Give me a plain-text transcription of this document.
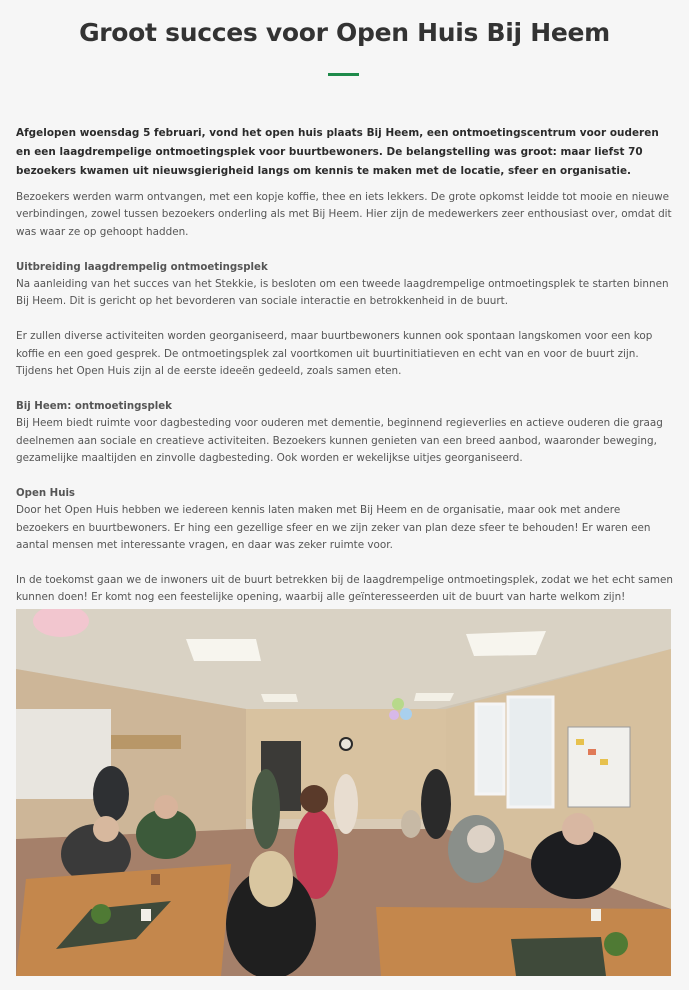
Groot succes voor Open Huis Bij Heem

Afgelopen woensdag 5 februari, vond het open huis plaats Bij Heem, een ontmoetingscentrum voor ouderen en een laagdrempelige ontmoetingsplek voor buurtbewoners. De belangstelling was groot: maar liefst 70 bezoekers kwamen uit nieuwsgierigheid langs om kennis te maken met de locatie, sfeer en organisatie.

Bezoekers werden warm ontvangen, met een kopje koffie, thee en iets lekkers. De grote opkomst leidde tot mooie en nieuwe verbindingen, zowel tussen bezoekers onderling als met Bij Heem. Hier zijn de medewerkers zeer enthousiast over, omdat dit was waar ze op gehoopt hadden.

Uitbreiding laagdrempelig ontmoetingsplek

Na aanleiding van het succes van het Stekkie, is besloten om een tweede laagdrempelige ontmoetingsplek te starten binnen Bij Heem. Dit is gericht op het bevorderen van sociale interactie en betrokkenheid in de buurt.

Er zullen diverse activiteiten worden georganiseerd, maar buurtbewoners kunnen ook spontaan langskomen voor een kop koffie en een goed gesprek. De ontmoetingsplek zal voortkomen uit buurtinitiatieven en echt van en voor de buurt zijn. Tijdens het Open Huis zijn al de eerste ideeën gedeeld, zoals samen eten.

Bij Heem: ontmoetingsplek

Bij Heem biedt ruimte voor dagbesteding voor ouderen met dementie, beginnend regieverlies en actieve ouderen die graag deelnemen aan sociale en creatieve activiteiten. Bezoekers kunnen genieten van een breed aanbod, waaronder beweging, gezamelijke maaltijden en zinvolle dagbesteding. Ook worden er wekelijkse uitjes georganiseerd.

Open Huis

Door het Open Huis hebben we iedereen kennis laten maken met Bij Heem en de organisatie, maar ook met andere bezoekers en buurtbewoners. Er hing een gezellige sfeer en we zijn zeker van plan deze sfeer te behouden! Er waren een aantal mensen met interessante vragen, en daar was zeker ruimte voor.

In de toekomst gaan we de inwoners uit de buurt betrekken bij de laagdrempelige ontmoetingsplek, zodat we het echt samen kunnen doen! Er komt nog een feestelijke opening, waarbij alle geïnteresseerden uit de buurt van harte welkom zijn!
